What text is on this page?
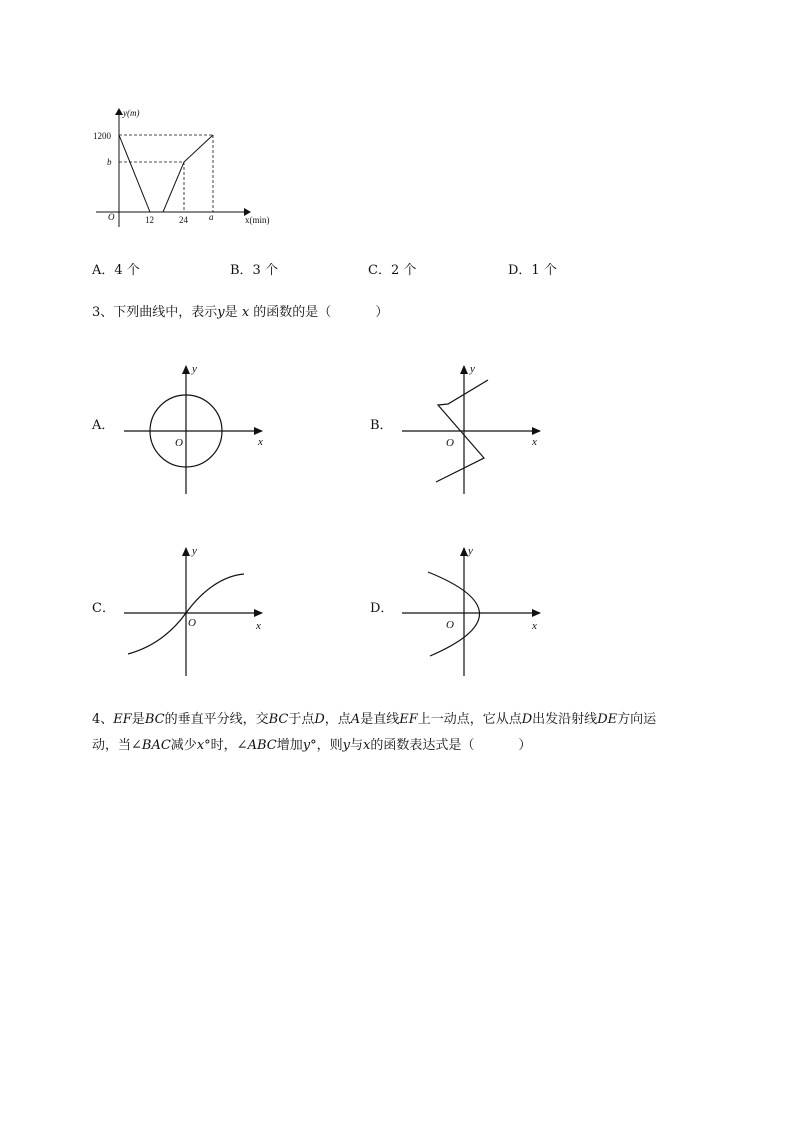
y(m)
1200
b
O	12	24 a	x(min)
A．4 个	B．3 个	C．2 个	D．1 个
3、下列曲线中，表示y是 x 的函数的是（	）
A．	B．
C．	D．
y
x
O
y
x
O
y
x
O
y
x
O
4、EF是BC的垂直平分线，交BC于点D，点A是直线EF上一动点，它从点D出发沿射线DE方向运
动，当∠BAC减少x°时，∠ABC增加y°，则y与x的函数表达式是（	）
